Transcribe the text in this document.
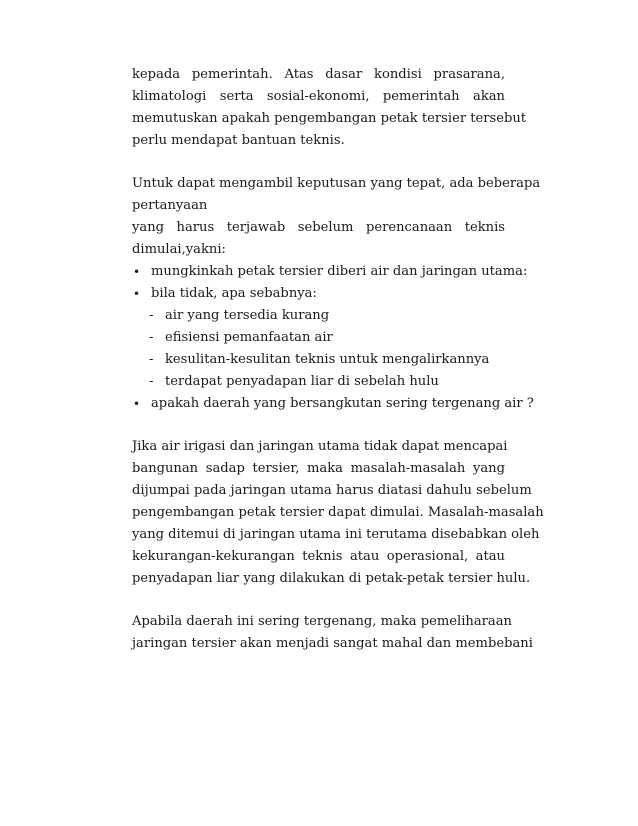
kepada pemerintah. Atas dasar kondisi prasarana,
klimatologi serta sosial-ekonomi, pemerintah akan
memutuskan apakah pengembangan petak tersier tersebut
perlu mendapat bantuan teknis.
Untuk dapat mengambil keputusan yang tepat, ada beberapa
pertanyaan
yang harus terjawab sebelum perencanaan teknis
dimulai,yakni:
• mungkinkah petak tersier diberi air dan jaringan utama:
• bila tidak, apa sebabnya:
- air yang tersedia kurang
- efisiensi pemanfaatan air
- kesulitan-kesulitan teknis untuk mengalirkannya
- terdapat penyadapan liar di sebelah hulu
• apakah daerah yang bersangkutan sering tergenang air ?
Jika air irigasi dan jaringan utama tidak dapat mencapai
bangunan sadap tersier, maka masalah-masalah yang
dijumpai pada jaringan utama harus diatasi dahulu sebelum
pengembangan petak tersier dapat dimulai. Masalah-masalah
yang ditemui di jaringan utama ini terutama disebabkan oleh
kekurangan-kekurangan teknis atau operasional, atau
penyadapan liar yang dilakukan di petak-petak tersier hulu.
Apabila daerah ini sering tergenang, maka pemeliharaan
jaringan tersier akan menjadi sangat mahal dan membebani
